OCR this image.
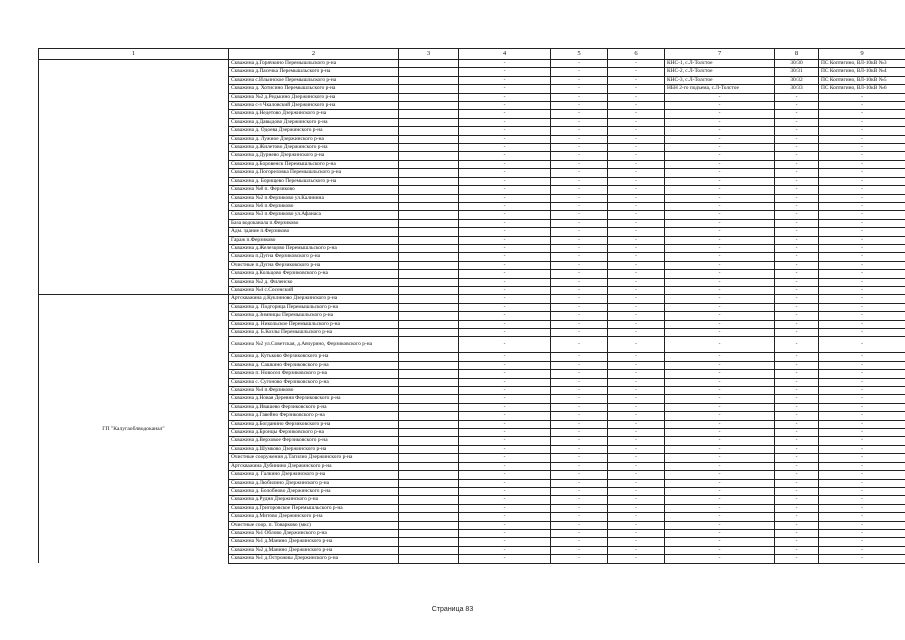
1	2	3	4	5	6	7	8	9
	Скважина д.Горячкино Перемышльского р-на		-	-	-	КНС-1, с.Л-Толстое	30/30	ПС Коптягино, ВЛ-10кВ №3
	Скважина д.Пасечка Перемышльского р-на		-	-	-	КНС-2, с.Л-Толстое	30/31	ПС Коптягино, ВЛ-10кВ №4
	Скважина с.Ильинское Перемышльского р-на		-	-	-	КНС-3, с.Л-Толстое	30/32	ПС Коптягино, ВЛ-10кВ №5
	Скважина д. Хотисино Перемышльского р-на		-	-	-	НБН 2-го подъема, с.Л-Толстое	30/33	ПС Коптягино, ВЛ-10кВ №6
	Скважина №2 д.Редькино Дзержинского р-на		-	-	-	-	-	-
	Скважина с-з Чкаловский Дзержинского р-на		-	-	-	-	-	-
	Скважина д.Недетово Дзержинского р-на		-	-	-	-	-	-
	Скважина д.Давыдово Дзержинского р-на		-	-	-	-	-	-
	Скважина д. Одоева Дзержинского р-на		-	-	-	-	-	-
	Скважина д. Лужное Дзержинского р-на		-	-	-	-	-	-
	Скважина д.Жилетово Дзержинского р-на		-	-	-	-	-	-
	Скважина д.Дурнево Дзержинского р-на		-	-	-	-	-	-
	Скважина д.Боровенск Перемышльского р-на		-	-	-	-	-	-
	Скважина д.Погореловка Перемышльского р-на		-	-	-	-	-	-
	Скважина д. Борищево Перемышльского р-на		-	-	-	-	-	-
	Скважина №8 п. Ферзиково		-	-	-	-	-	-
	Скважина №2 п.Ферзиково ул.Калинина		-	-	-	-	-	-
	Скважина №6 п.Ферзиково		-	-	-	-	-	-
	Скважина №3 п.Ферзиково ул.Афанаса		-	-	-	-	-	-
	База водоканала п.Ферзиково		-	-	-	-	-	-
	Адм. здание п.Ферзиково		-	-	-	-	-	-
	Гараж п.Ферзиково		-	-	-	-	-	-
	Скважина д.Железцово Перемышльского р-на		-	-	-	-	-	-
	Скважина п.Дугна Ферзиковского р-на		-	-	-	-	-	-
	Очистные п.Дугна Ферзиковского р-на		-	-	-	-	-	-
	Скважина д.Кольцово Ферзиковского р-на		-	-	-	-	-	-
	Скважина №2 д. Филенско		-	-	-	-	-	-
	Скважина №4 с.Сосенский		-	-	-	-	-	-
ГП "Калугаоблводоканал"	Артскважина д.Куклиново Дзержинского р-на		-	-	-	-	-	-
	Скважина д. Подгорица Перемышльского р-на		-	-	-	-	-	-
	Скважина д.Зимницы Перемышльского р-на		-	-	-	-	-	-
	Скважина д. Никольское Перемышльского р-на		-	-	-	-	-	-
	Скважина д. Б.Козлы Перемышльского р-на		-	-	-	-	-	-
	Скважина №2 ул.Советская, д.Авчурино, Ферзиковского р-на		-	-	-	-	-	-
	Скважина д. Кутьково Ферзиковского р-на		-	-	-	-	-	-
	Скважина д. Сашкино Ферзиковского р-на		-	-	-	-	-	-
	Скважина п. Новосел Ферзиковского р-на		-	-	-	-	-	-
	Скважина с. Сугоново Ферзиковского р-на		-	-	-	-	-	-
	Скважина №4 п.Ферзиково		-	-	-	-	-	-
	Скважина д.Новая Деревня Ферзиковского р-на		-	-	-	-	-	-
	Скважина д.Ивашево Ферзиковского р-на		-	-	-	-	-	-
	Скважина д.Гавейно Ферзиковского р-на		-	-	-	-	-	-
	Скважина д.Богданино Ферзиковского р-на		-	-	-	-	-	-
	Скважина д.Бронцы Ферзиковского р-на		-	-	-	-	-	-
	Скважина д.Верховое Ферзиковского р-на		-	-	-	-	-	-
	Скважина д.Шумково Дзержинского р-на		-	-	-	-	-	-
	Очистные сооружения д.Тагилно Дзержинского р-на		-	-	-	-	-	-
	Артскважина Дубинино Дзержинского р-на		-	-	-	-	-	-
	Скважина д. Галкино Дзержинского р-на		-	-	-	-	-	-
	Скважина д.Любилино Дзержинского р-на		-	-	-	-	-	-
	Скважина д. Болобново Дзержинского р-на		-	-	-	-	-	-
	Скважина д.Рудня Дзержинского р-на		-	-	-	-	-	-
	Скважина д.Григоровское Перемышльского р-на		-	-	-	-	-	-
	Скважина д.Митово Дзержинского р-на		-	-	-	-	-	-
	Очистные соор. п. Товарково (мкс)		-	-	-	-	-	-
	Скважина №1 Облово Дзержинского р-на		-	-	-	-	-	-
	Скважина №1 д.Манино Дзержинского р-на		-	-	-	-	-	-
	Скважина №2 д.Манино Дзержинского р-на		-	-	-	-	-	-
	Скважина №1 д.Острожны Дзержинского р-на		-	-	-	-	-	-
Страница 83
